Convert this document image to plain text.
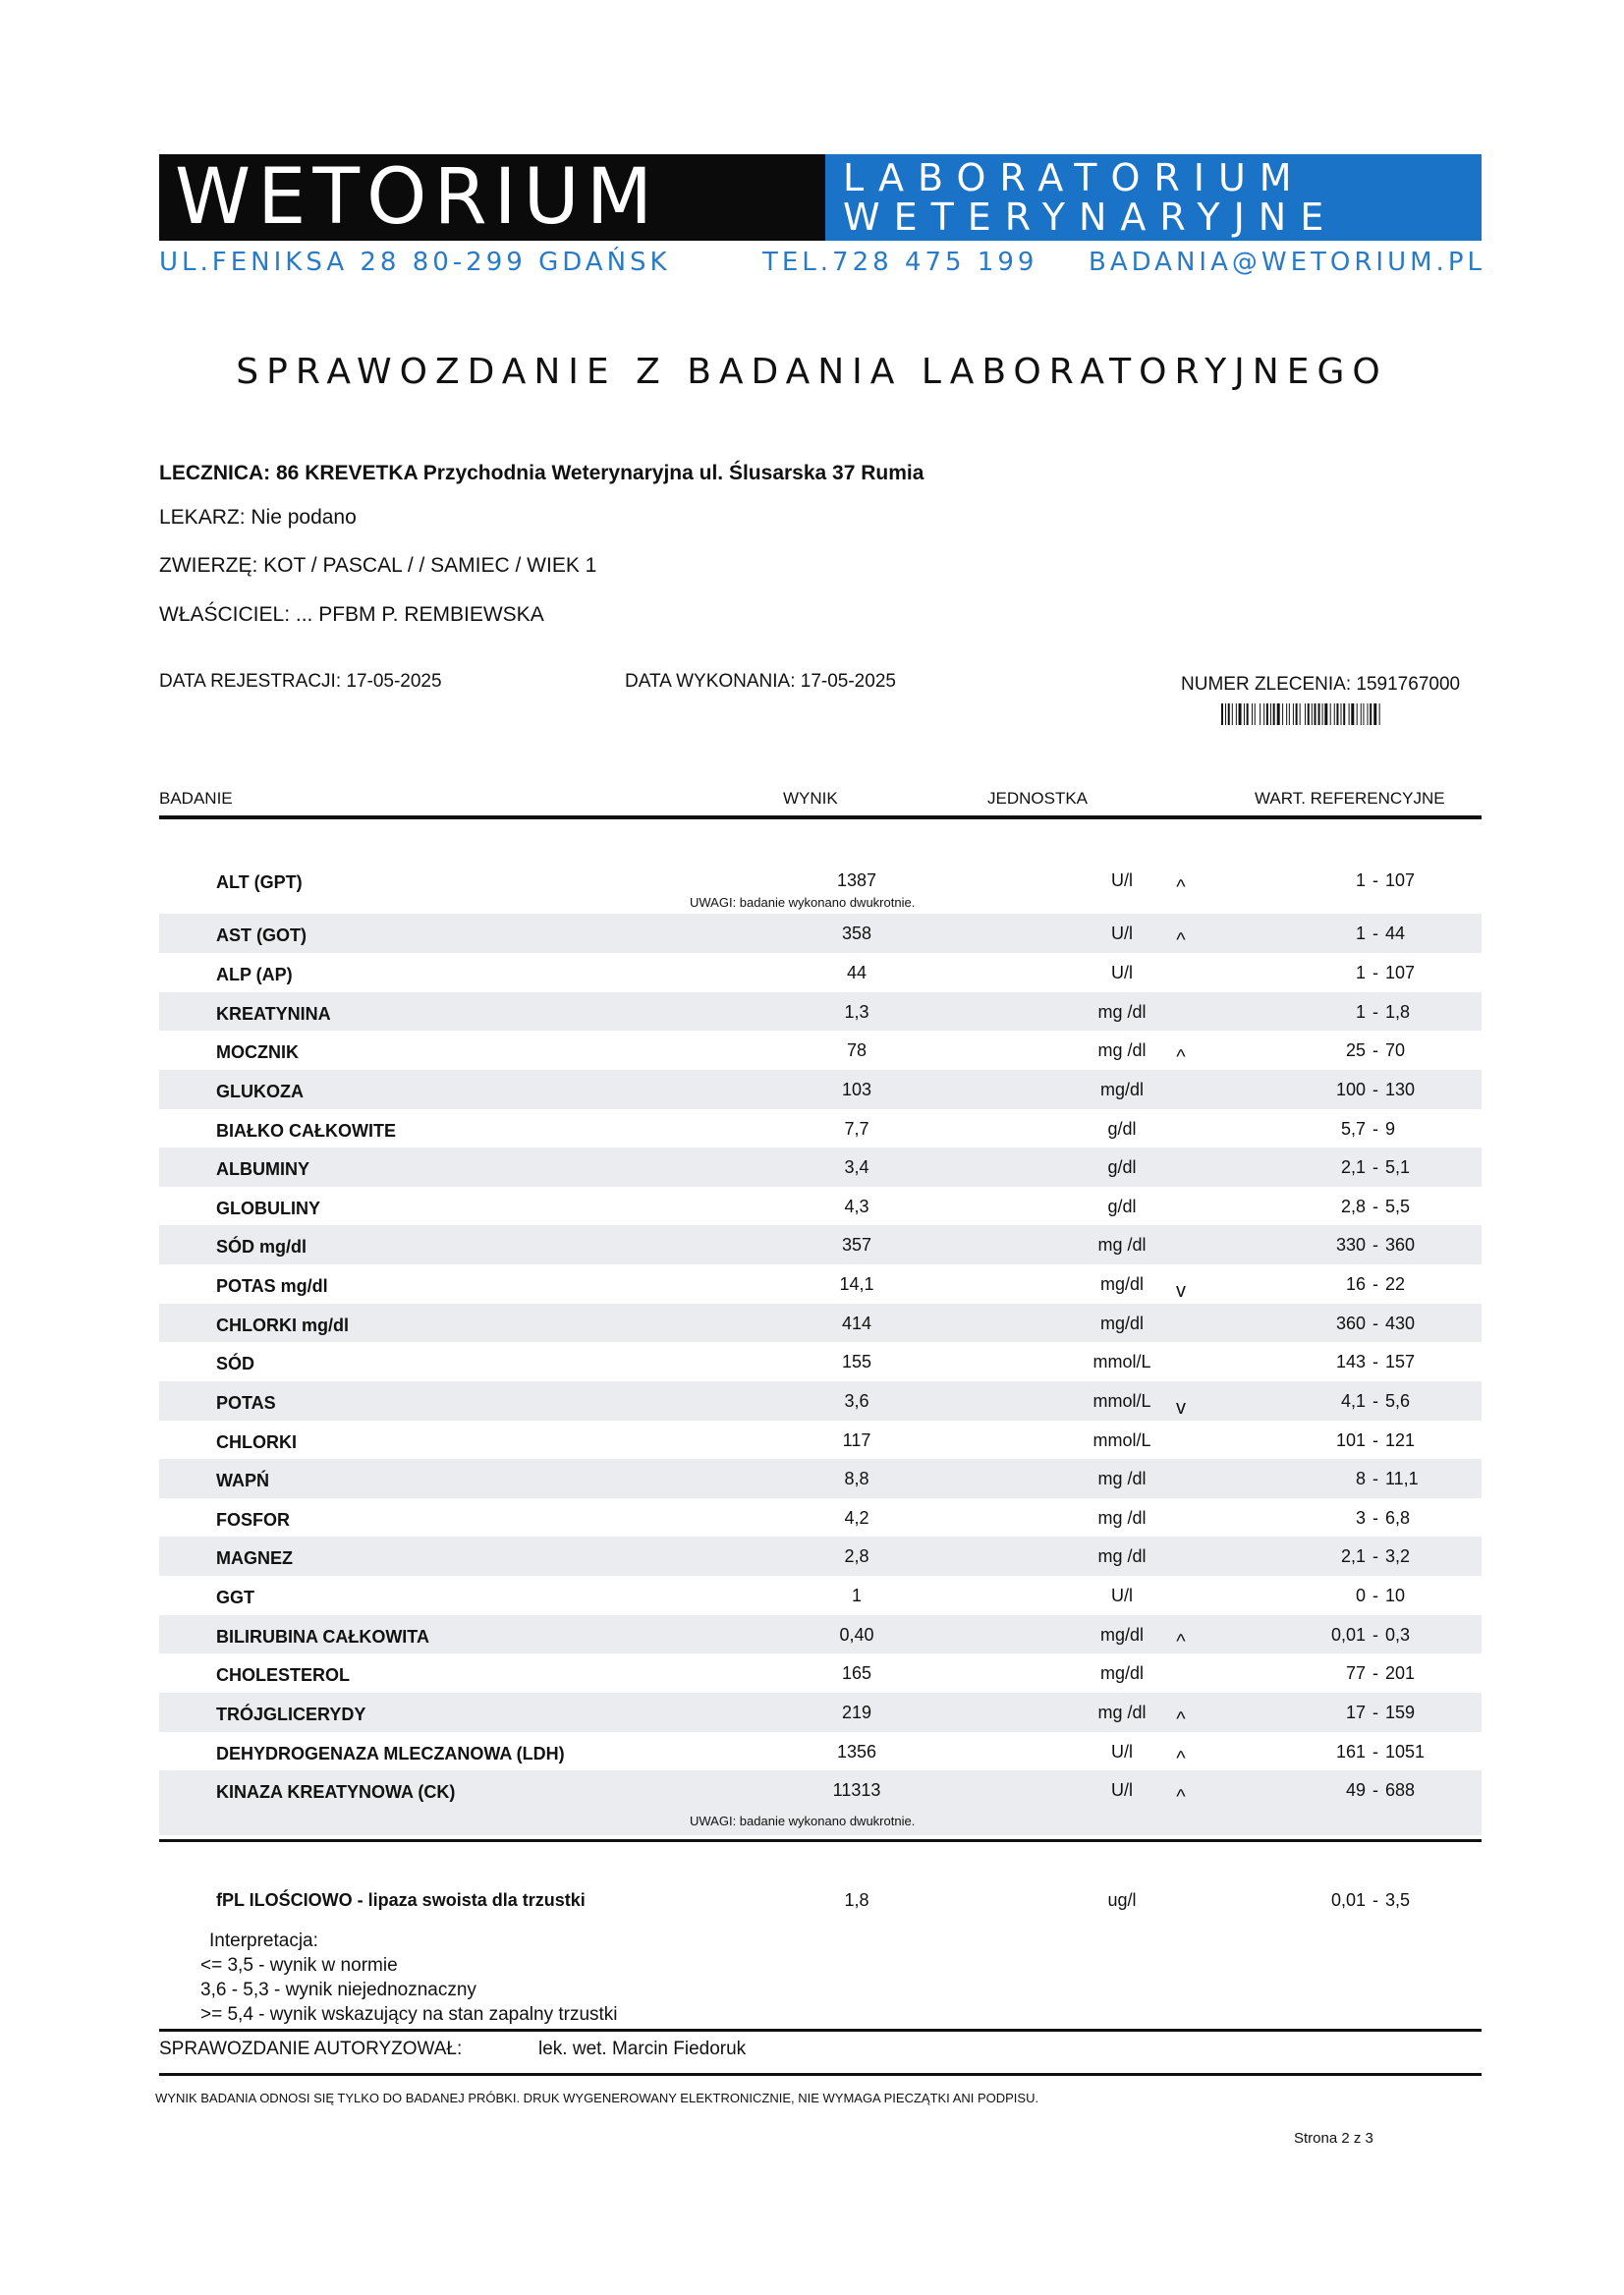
WETORIUM	LABORATORIUM
WETERYNARYJNE
UL.FENIKSA 28 80-299 GDAŃSK	TEL.728 475 199 BADANIA@WETORIUM.PL
SPRAWOZDANIE Z BADANIA LABORATORYJNEGO
LECZNICA: 86 KREVETKA Przychodnia Weterynaryjna ul. Ślusarska 37 Rumia
LEKARZ: Nie podano
ZWIERZĘ: KOT / PASCAL / / SAMIEC / WIEK 1
WŁAŚCICIEL: ... PFBM P. REMBIEWSKA
DATA REJESTRACJI: 17-05-2025	DATA WYKONANIA: 17-05-2025	NUMER ZLECENIA: 1591767000
BADANIE	WYNIK	JEDNOSTKA	WART. REFERENCYJNE
ALT (GPT)	1387	U/l	^	1 - 107
UWAGI: badanie wykonano dwukrotnie.
AST (GOT)	358	U/l	^	1 - 44
ALP (AP)	44	U/l	1 - 107
KREATYNINA	1,3	mg /dl	1 - 1,8
MOCZNIK	78	mg /dl	^	25 - 70
GLUKOZA	103	mg/dl	100 - 130
BIAŁKO CAŁKOWITE	7,7	g/dl	5,7 - 9
ALBUMINY	3,4	g/dl	2,1 - 5,1
GLOBULINY	4,3	g/dl	2,8 - 5,5
SÓD mg/dl	357	mg /dl	330 - 360
POTAS mg/dl	14,1	mg/dl	v	16 - 22
CHLORKI mg/dl	414	mg/dl	360 - 430
SÓD	155	mmol/L	143 - 157
POTAS	3,6	mmol/L	v	4,1 - 5,6
CHLORKI	117	mmol/L	101 - 121
WAPŃ	8,8	mg /dl	8 - 11,1
FOSFOR	4,2	mg /dl	3 - 6,8
MAGNEZ	2,8	mg /dl	2,1 - 3,2
GGT	1	U/l	0 - 10
BILIRUBINA CAŁKOWITA	0,40	mg/dl	^	0,01 - 0,3
CHOLESTEROL	165	mg/dl	77 - 201
TRÓJGLICERYDY	219	mg /dl	^	17 - 159
DEHYDROGENAZA MLECZANOWA (LDH)	1356	U/l	^	161 - 1051
KINAZA KREATYNOWA (CK)	11313	U/l	^	49 - 688
UWAGI: badanie wykonano dwukrotnie.
fPL ILOŚCIOWO - lipaza swoista dla trzustki	1,8	ug/l	0,01 - 3,5
Interpretacja:
<= 3,5 - wynik w normie
3,6 - 5,3 - wynik niejednoznaczny
>= 5,4 - wynik wskazujący na stan zapalny trzustki
SPRAWOZDANIE AUTORYZOWAŁ:	lek. wet. Marcin Fiedoruk
WYNIK BADANIA ODNOSI SIĘ TYLKO DO BADANEJ PRÓBKI. DRUK WYGENEROWANY ELEKTRONICZNIE, NIE WYMAGA PIECZĄTKI ANI PODPISU.
Strona 2 z 3
